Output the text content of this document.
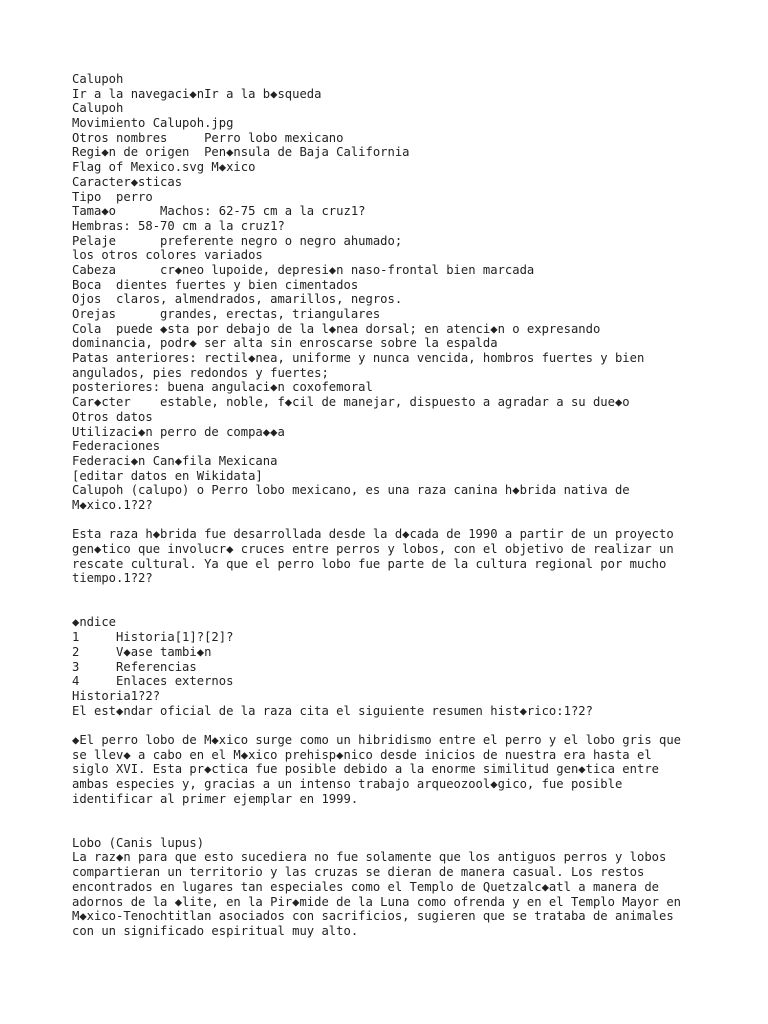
Calupoh

Ir a la navegaci◆nIr a la b◆squeda

Calupoh

Movimiento Calupoh.jpg

Otros nombres     Perro lobo mexicano

Regi◆n de origen  Pen◆nsula de Baja California

Flag of Mexico.svg M◆xico

Caracter◆sticas

Tipo  perro

Tama◆o      Machos: 62-75 cm a la cruz1?

Hembras: 58-70 cm a la cruz1?

Pelaje      preferente negro o negro ahumado;

los otros colores variados

Cabeza      cr◆neo lupoide, depresi◆n naso-frontal bien marcada

Boca  dientes fuertes y bien cimentados

Ojos  claros, almendrados, amarillos, negros.

Orejas      grandes, erectas, triangulares

Cola  puede ◆sta por debajo de la l◆nea dorsal; en atenci◆n o expresando

dominancia, podr◆ ser alta sin enroscarse sobre la espalda

Patas anteriores: rectil◆nea, uniforme y nunca vencida, hombros fuertes y bien

angulados, pies redondos y fuertes;

posteriores: buena angulaci◆n coxofemoral

Car◆cter    estable, noble, f◆cil de manejar, dispuesto a agradar a su due◆o

Otros datos

Utilizaci◆n perro de compa◆◆a

Federaciones

Federaci◆n Can◆fila Mexicana

[editar datos en Wikidata]

Calupoh (calupo) o Perro lobo mexicano, es una raza canina h◆brida nativa de

M◆xico.1?2?

Esta raza h◆brida fue desarrollada desde la d◆cada de 1990 a partir de un proyecto

gen◆tico que involucr◆ cruces entre perros y lobos, con el objetivo de realizar un

rescate cultural. Ya que el perro lobo fue parte de la cultura regional por mucho

tiempo.1?2?

◆ndice

1     Historia[1]?[2]?

2     V◆ase tambi◆n

3     Referencias

4     Enlaces externos

Historia1?2?

El est◆ndar oficial de la raza cita el siguiente resumen hist◆rico:1?2?

◆El perro lobo de M◆xico surge como un hibridismo entre el perro y el lobo gris que

se llev◆ a cabo en el M◆xico prehisp◆nico desde inicios de nuestra era hasta el

siglo XVI. Esta pr◆ctica fue posible debido a la enorme similitud gen◆tica entre

ambas especies y, gracias a un intenso trabajo arqueozool◆gico, fue posible

identificar al primer ejemplar en 1999.

Lobo (Canis lupus)

La raz◆n para que esto sucediera no fue solamente que los antiguos perros y lobos

compartieran un territorio y las cruzas se dieran de manera casual. Los restos

encontrados en lugares tan especiales como el Templo de Quetzalc◆atl a manera de

adornos de la ◆lite, en la Pir◆mide de la Luna como ofrenda y en el Templo Mayor en

M◆xico-Tenochtitlan asociados con sacrificios, sugieren que se trataba de animales

con un significado espiritual muy alto.
